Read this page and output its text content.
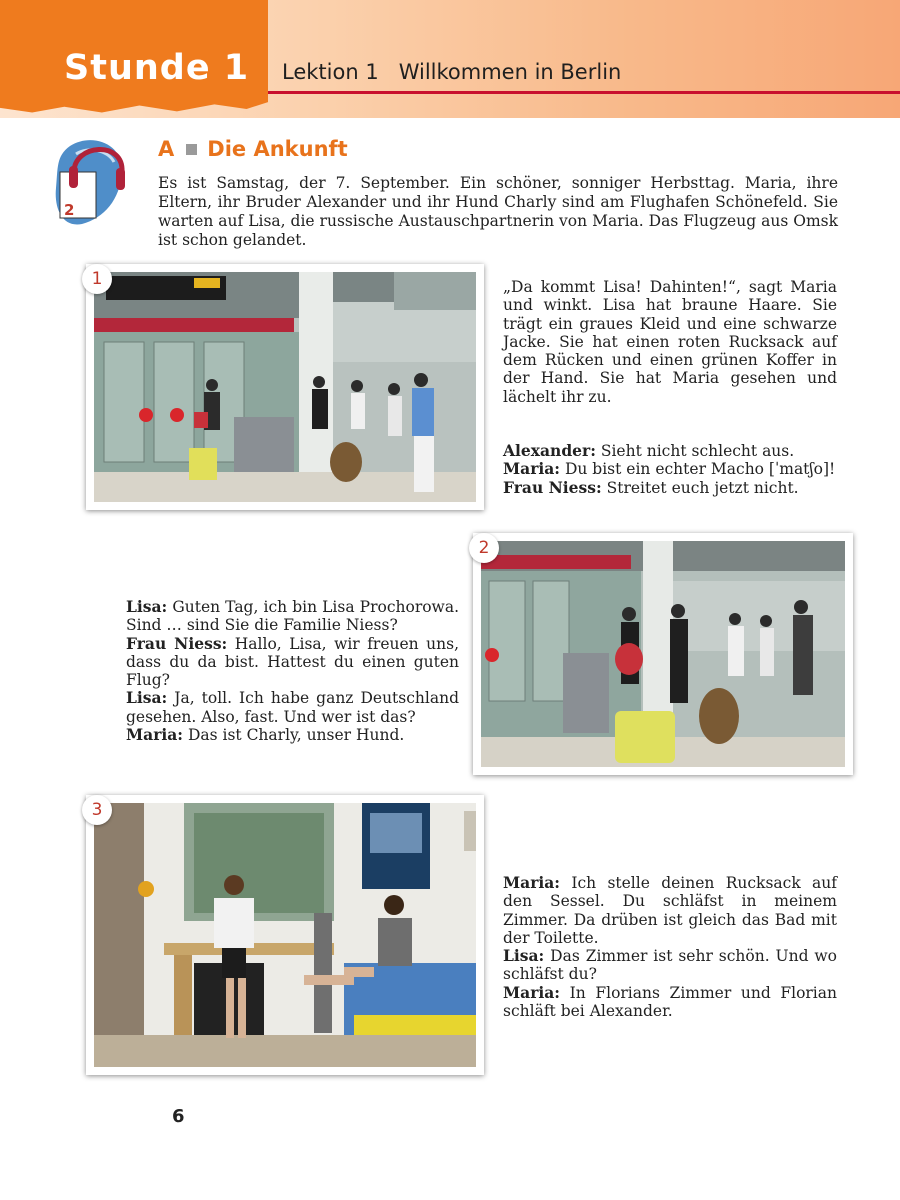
Stunde 1 Lektion 1   Willkommen in Berlin
2
A Die Ankunft
Es ist Samstag, der 7. September. Ein schöner, sonniger Herbsttag. Maria, ihre Eltern, ihr Bruder Alexander und ihr Hund Charly sind am Flughafen Schönefeld. Sie warten auf Lisa, die russische Austauschpartnerin von Maria. Das Flugzeug aus Omsk ist schon gelandet.
1	„Da kommt Lisa! Dahinten!“, sagt Maria und winkt. Lisa hat braune Haare. Sie trägt ein graues Kleid und eine schwarze Jacke. Sie hat einen roten Rucksack auf dem Rücken und einen grünen Koffer in der Hand. Sie hat Maria gesehen und lächelt ihr zu.

Alexander: Sieht nicht schlecht aus.

Maria: Du bist ein echter Macho [ˈmatʃo]!

Frau Niess: Streitet euch jetzt nicht.

2

Lisa: Guten Tag, ich bin Lisa Prochorowa. Sind … sind Sie die Familie Niess?

Frau Niess: Hallo, Lisa, wir freuen uns, dass du da bist. Hattest du einen guten Flug?

Lisa: Ja, toll. Ich habe ganz Deutschland gesehen. Also, fast. Und wer ist das?

Maria: Das ist Charly, unser Hund.

3

Maria: Ich stelle deinen Rucksack auf den Sessel. Du schläfst in meinem Zimmer. Da drüben ist gleich das Bad mit der Toilette.

Lisa: Das Zimmer ist sehr schön. Und wo schläfst du?

Maria: In Florians Zimmer und Florian schläft bei Alexander.

6
